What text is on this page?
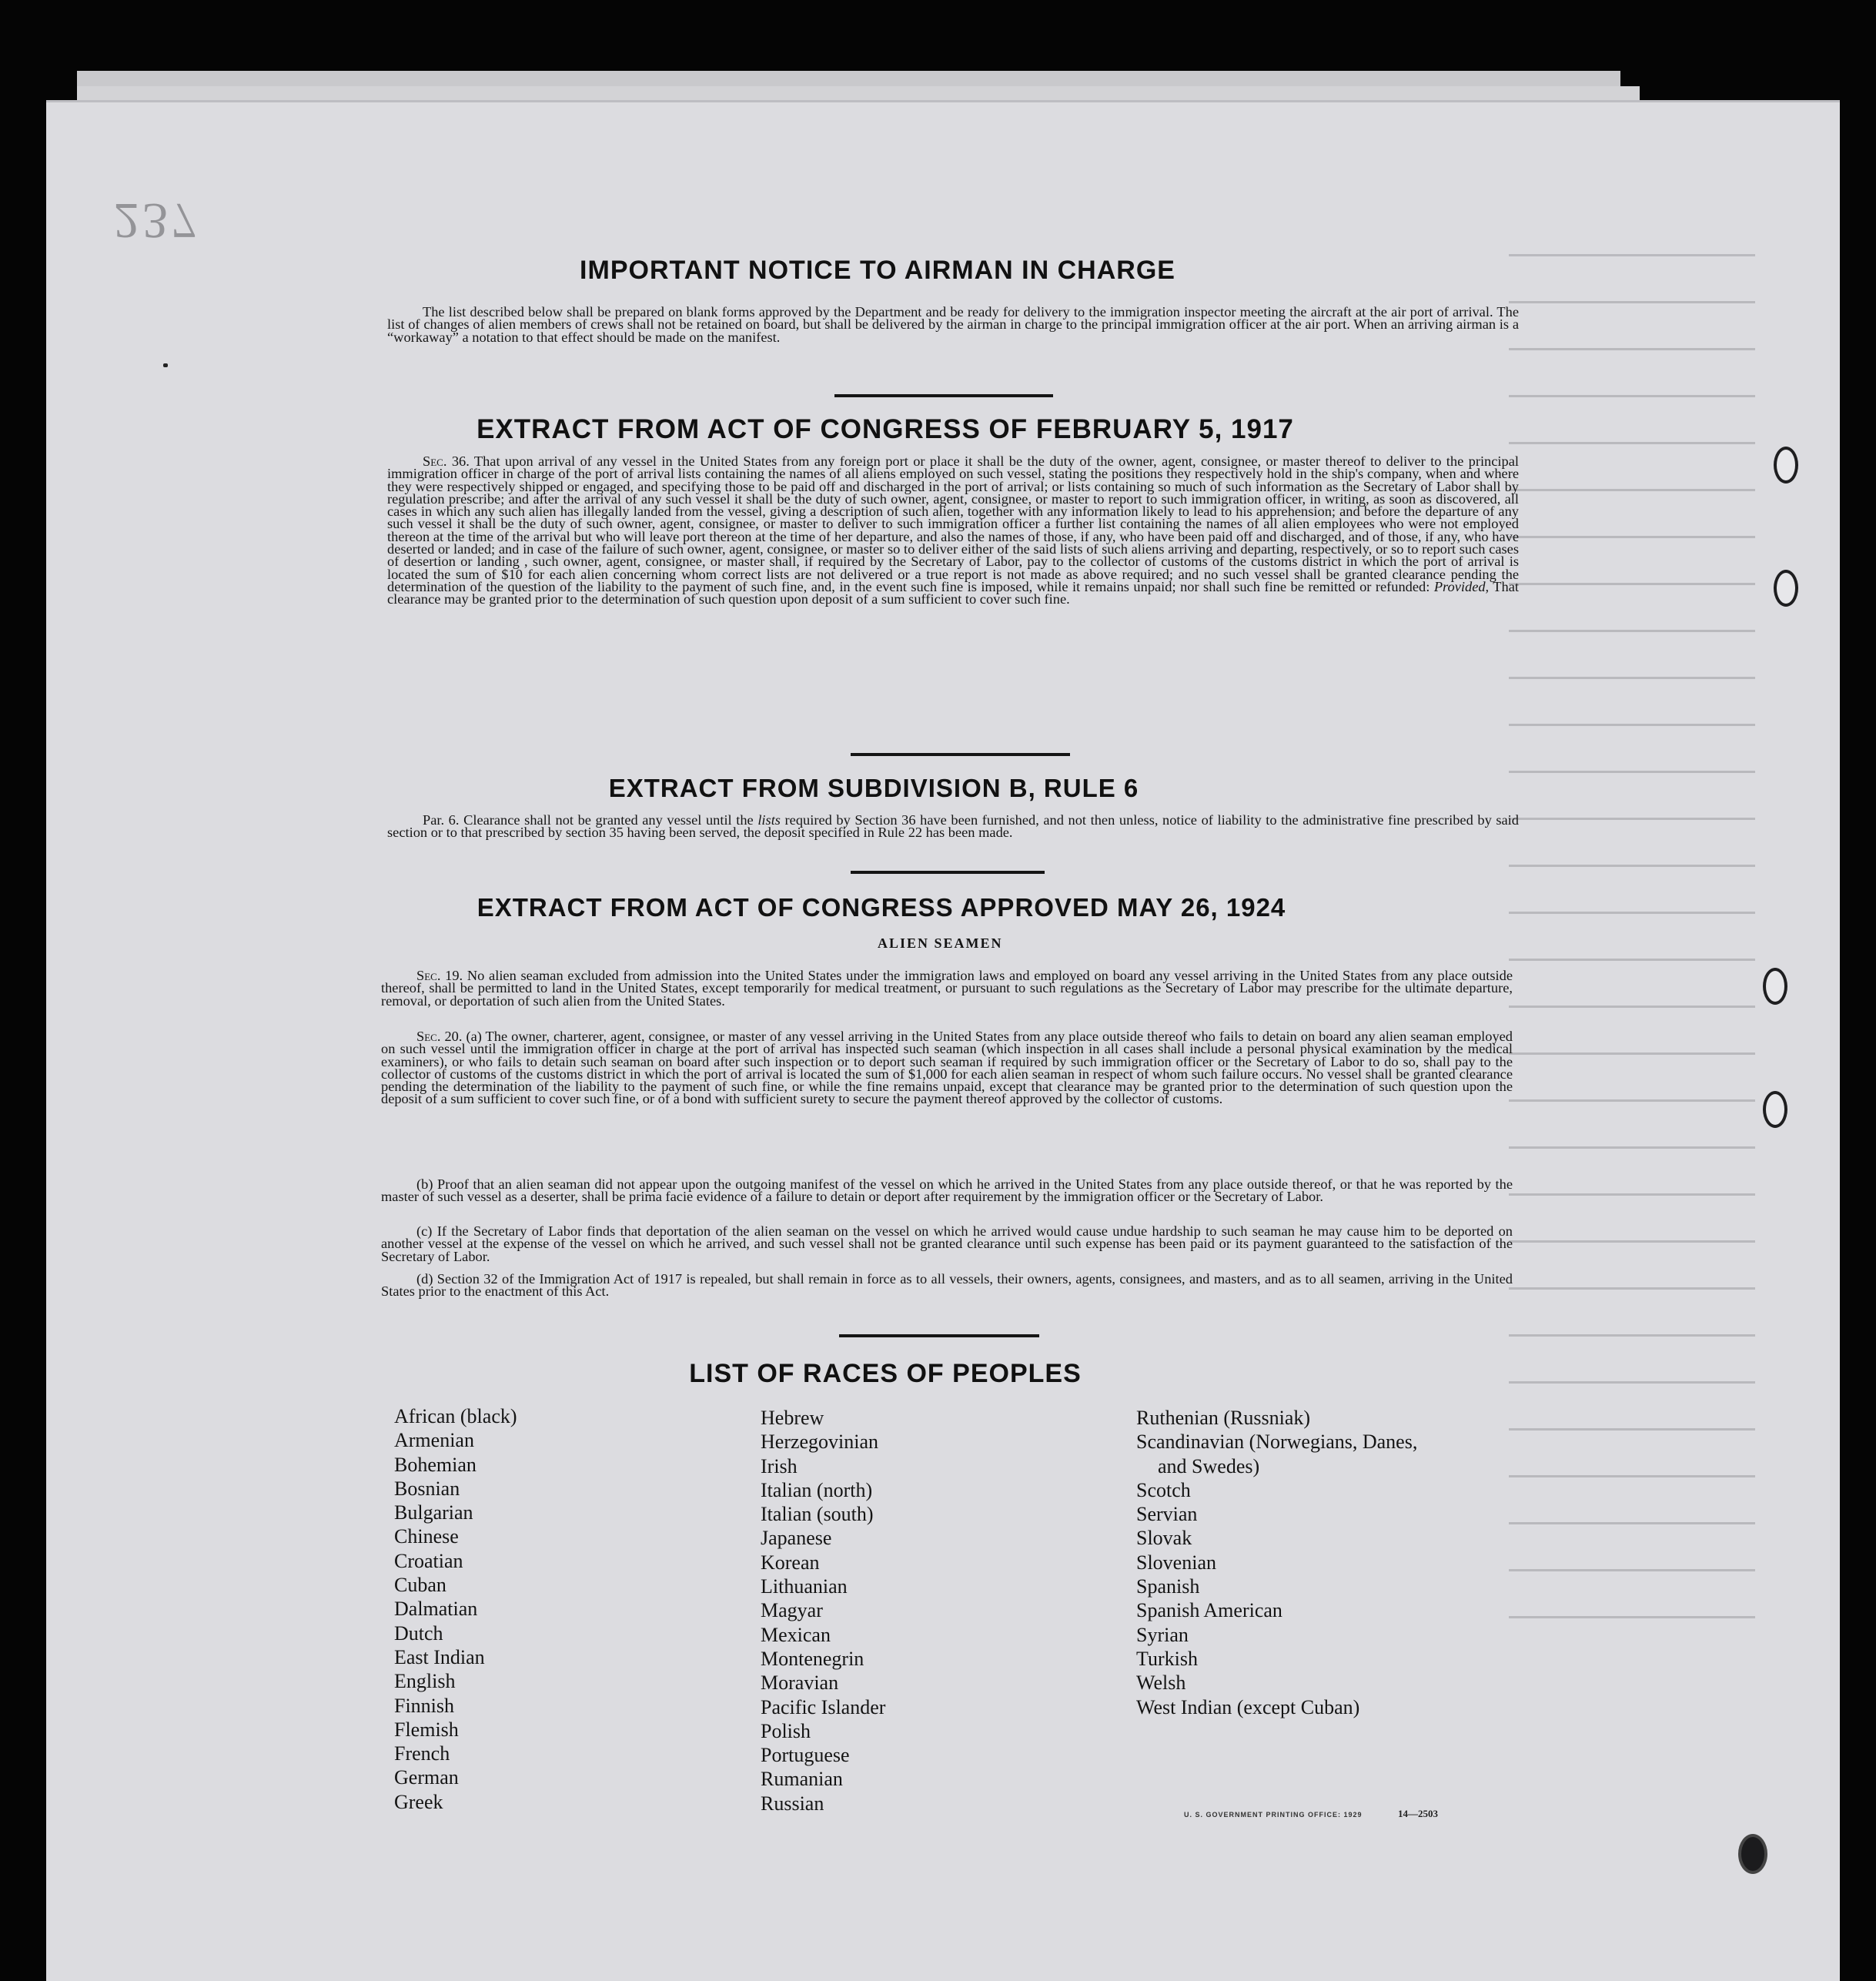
237
IMPORTANT NOTICE TO AIRMAN IN CHARGE

The list described below shall be prepared on blank forms approved by the Department and be ready for delivery to the immigration inspector meeting the aircraft at the air port of arrival. The list of changes of alien members of crews shall not be retained on board, but shall be delivered by the airman in charge to the principal immigration officer at the air port. When an arriving airman is a “workaway” a notation to that effect should be made on the manifest.

EXTRACT FROM ACT OF CONGRESS OF FEBRUARY 5, 1917

Sec. 36. That upon arrival of any vessel in the United States from any foreign port or place it shall be the duty of the owner, agent, consignee, or master thereof to deliver to the principal immigration officer in charge of the port of arrival lists containing the names of all aliens employed on such vessel, stating the positions they respectively hold in the ship's company, when and where they were respectively shipped or engaged, and specifying those to be paid off and discharged in the port of arrival; or lists containing so much of such information as the Secretary of Labor shall by regulation prescribe; and after the arrival of any such vessel it shall be the duty of such owner, agent, consignee, or master to report to such immigration officer, in writing, as soon as discovered, all cases in which any such alien has illegally landed from the vessel, giving a description of such alien, together with any information likely to lead to his apprehension; and before the departure of any such vessel it shall be the duty of such owner, agent, consignee, or master to deliver to such immigration officer a further list containing the names of all alien employees who were not employed thereon at the time of the arrival but who will leave port thereon at the time of her departure, and also the names of those, if any, who have been paid off and discharged, and of those, if any, who have deserted or landed; and in case of the failure of such owner, agent, consignee, or master so to deliver either of the said lists of such aliens arriving and departing, respectively, or so to report such cases of desertion or landing , such owner, agent, consignee, or master shall, if required by the Secretary of Labor, pay to the collector of customs of the customs district in which the port of arrival is located the sum of $10 for each alien concerning whom correct lists are not delivered or a true report is not made as above required; and no such vessel shall be granted clearance pending the determination of the question of the liability to the payment of such fine, and, in the event such fine is imposed, while it remains unpaid; nor shall such fine be remitted or refunded: Provided, That clearance may be granted prior to the determination of such question upon deposit of a sum sufficient to cover such fine.

EXTRACT FROM SUBDIVISION B, RULE 6

Par. 6. Clearance shall not be granted any vessel until the lists required by Section 36 have been furnished, and not then unless, notice of liability to the administrative fine prescribed by said section or to that prescribed by section 35 having been served, the deposit specified in Rule 22 has been made.

EXTRACT FROM ACT OF CONGRESS APPROVED MAY 26, 1924
ALIEN SEAMEN

Sec. 19. No alien seaman excluded from admission into the United States under the immigration laws and employed on board any vessel arriving in the United States from any place outside thereof, shall be permitted to land in the United States, except temporarily for medical treatment, or pursuant to such regulations as the Secretary of Labor may prescribe for the ultimate departure, removal, or deportation of such alien from the United States.

Sec. 20. (a) The owner, charterer, agent, consignee, or master of any vessel arriving in the United States from any place outside thereof who fails to detain on board any alien seaman employed on such vessel until the immigration officer in charge at the port of arrival has inspected such seaman (which inspection in all cases shall include a personal physical examination by the medical examiners), or who fails to detain such seaman on board after such inspection or to deport such seaman if required by such immigration officer or the Secretary of Labor to do so, shall pay to the collector of customs of the customs district in which the port of arrival is located the sum of $1,000 for each alien seaman in respect of whom such failure occurs. No vessel shall be granted clearance pending the determination of the liability to the payment of such fine, or while the fine remains unpaid, except that clearance may be granted prior to the determination of such question upon the deposit of a sum sufficient to cover such fine, or of a bond with sufficient surety to secure the payment thereof approved by the collector of customs.

(b) Proof that an alien seaman did not appear upon the outgoing manifest of the vessel on which he arrived in the United States from any place outside thereof, or that he was reported by the master of such vessel as a deserter, shall be prima facie evidence of a failure to detain or deport after requirement by the immigration officer or the Secretary of Labor.

(c) If the Secretary of Labor finds that deportation of the alien seaman on the vessel on which he arrived would cause undue hardship to such seaman he may cause him to be deported on another vessel at the expense of the vessel on which he arrived, and such vessel shall not be granted clearance until such expense has been paid or its payment guaranteed to the satisfaction of the Secretary of Labor.

(d) Section 32 of the Immigration Act of 1917 is repealed, but shall remain in force as to all vessels, their owners, agents, consignees, and masters, and as to all seamen, arriving in the United States prior to the enactment of this Act.

LIST OF RACES OF PEOPLES
African (black)
Armenian
Bohemian
Bosnian
Bulgarian
Chinese
Croatian
Cuban
Dalmatian
Dutch
East Indian
English
Finnish
Flemish
French
German
Greek
Hebrew
Herzegovinian
Irish
Italian (north)
Italian (south)
Japanese
Korean
Lithuanian
Magyar
Mexican
Montenegrin
Moravian
Pacific Islander
Polish
Portuguese
Rumanian
Russian
Ruthenian (Russniak)
Scandinavian (Norwegians, Danes,
and Swedes)
Scotch
Servian
Slovak
Slovenian
Spanish
Spanish American
Syrian
Turkish
Welsh
West Indian (except Cuban)
U. S. GOVERNMENT PRINTING OFFICE: 1929	14—2503
